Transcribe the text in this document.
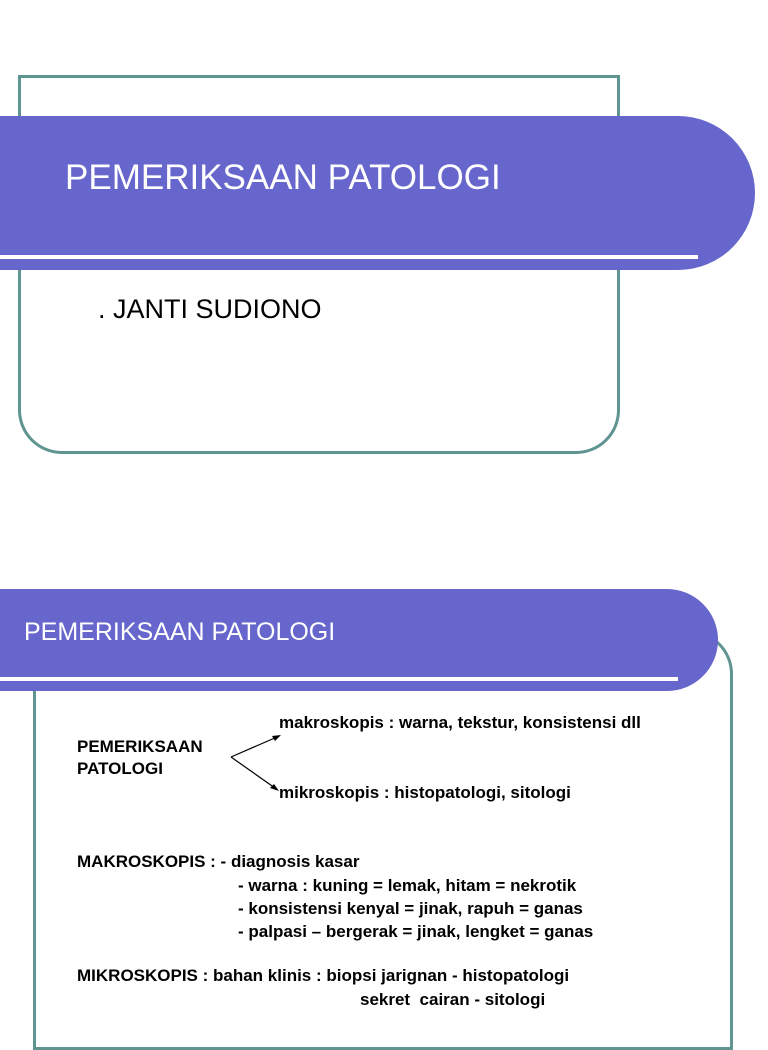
PEMERIKSAAN PATOLOGI
. JANTI SUDIONO
PEMERIKSAAN PATOLOGI
PEMERIKSAAN
PATOLOGI
makroskopis : warna, tekstur, konsistensi dll
mikroskopis : histopatologi, sitologi
MAKROSKOPIS : - diagnosis kasar
- warna : kuning = lemak, hitam = nekrotik
- konsistensi kenyal = jinak, rapuh = ganas
- palpasi – bergerak = jinak, lengket = ganas
MIKROSKOPIS : bahan klinis : biopsi jarignan - histopatologi
sekret  cairan - sitologi
